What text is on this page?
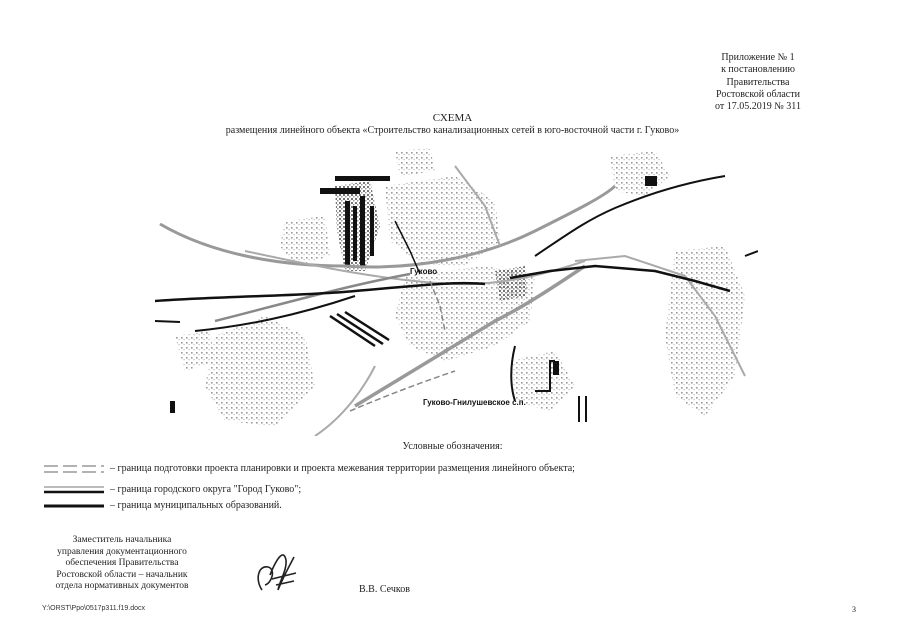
Приложение № 1
к постановлению
Правительства
Ростовской области
от 17.05.2019 № 311
СХЕМА
размещения линейного объекта «Строительство канализационных сетей в юго-восточной части г. Гуково»
Гуково
Гуково-Гнилушевское с.п.
Условные обозначения:
– граница подготовки проекта планировки и проекта межевания территории размещения линейного объекта;
– граница городского округа "Город Гуково";
– граница муниципальных образований.
Заместитель начальника
управления документационного
обеспечения Правительства
Ростовской области – начальник
отдела нормативных документов	В.В. Сечков
Y:\ORST\Ppo\0517p311.f19.docx	3
